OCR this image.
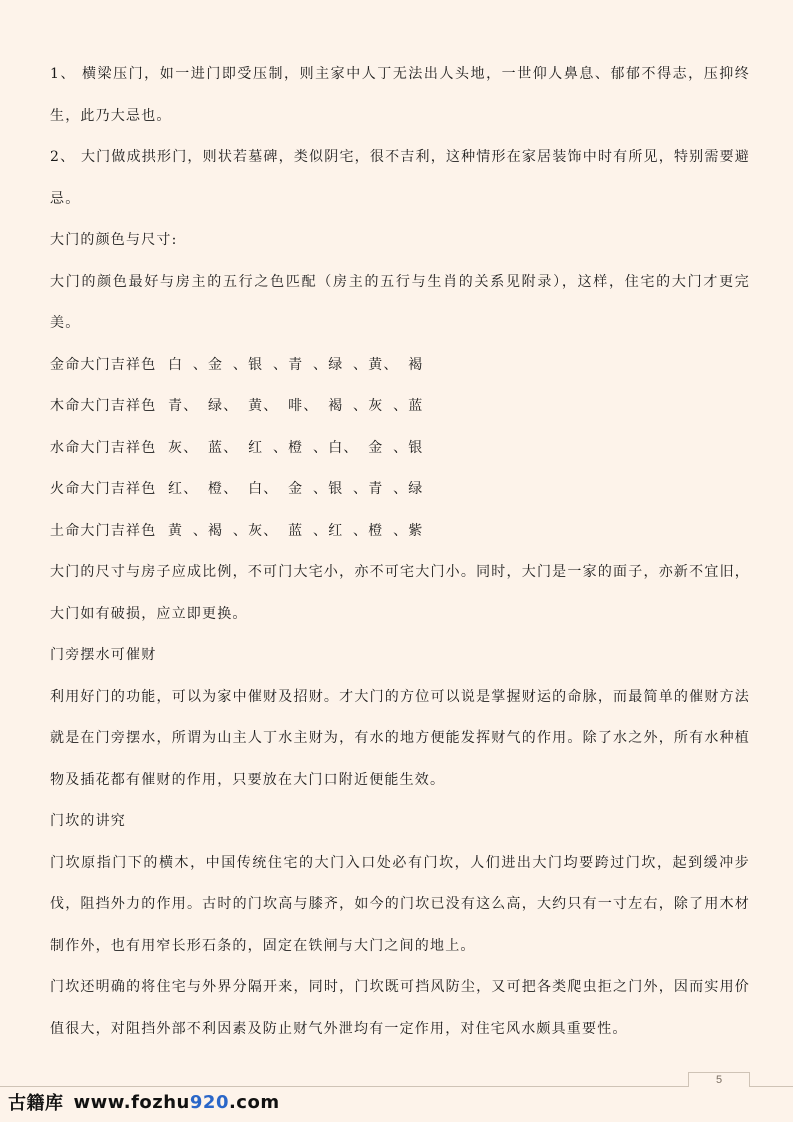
1、 横梁压门，如一进门即受压制，则主家中人丁无法出人头地，一世仰人鼻息、郁郁不得志，压抑终生，此乃大忌也。

2、 大门做成拱形门，则状若墓碑，类似阴宅，很不吉利，这种情形在家居装饰中时有所见，特别需要避忌。

大门的颜色与尺寸:

大门的颜色最好与房主的五行之色匹配（房主的五行与生肖的关系见附录），这样，住宅的大门才更完美。

金命大门吉祥色 白 、金 、银 、青 、绿 、黄、 褐
木命大门吉祥色 青、 绿、 黄、 啡、 褐 、灰 、蓝
水命大门吉祥色 灰、 蓝、 红 、橙 、白、 金 、银
火命大门吉祥色 红、 橙、 白、 金 、银 、青 、绿
土命大门吉祥色 黄 、褐 、灰、 蓝 、红 、橙 、紫

大门的尺寸与房子应成比例，不可门大宅小，亦不可宅大门小。同时，大门是一家的面子，亦新不宜旧，大门如有破损，应立即更换。

门旁摆水可催财

利用好门的功能，可以为家中催财及招财。才大门的方位可以说是掌握财运的命脉，而最简单的催财方法就是在门旁摆水，所谓为山主人丁水主财为，有水的地方便能发挥财气的作用。除了水之外，所有水种植物及插花都有催财的作用，只要放在大门口附近便能生效。

门坎的讲究

门坎原指门下的横木，中国传统住宅的大门入口处必有门坎，人们进出大门均要跨过门坎，起到缓冲步伐，阻挡外力的作用。古时的门坎高与膝齐，如今的门坎已没有这么高，大约只有一寸左右，除了用木材制作外，也有用窄长形石条的，固定在铁闸与大门之间的地上。

门坎还明确的将住宅与外界分隔开来，同时，门坎既可挡风防尘，又可把各类爬虫拒之门外，因而实用价值很大，对阻挡外部不利因素及防止财气外泄均有一定作用，对住宅风水颇具重要性。

5
古籍库 www.fozhu 920 .com
